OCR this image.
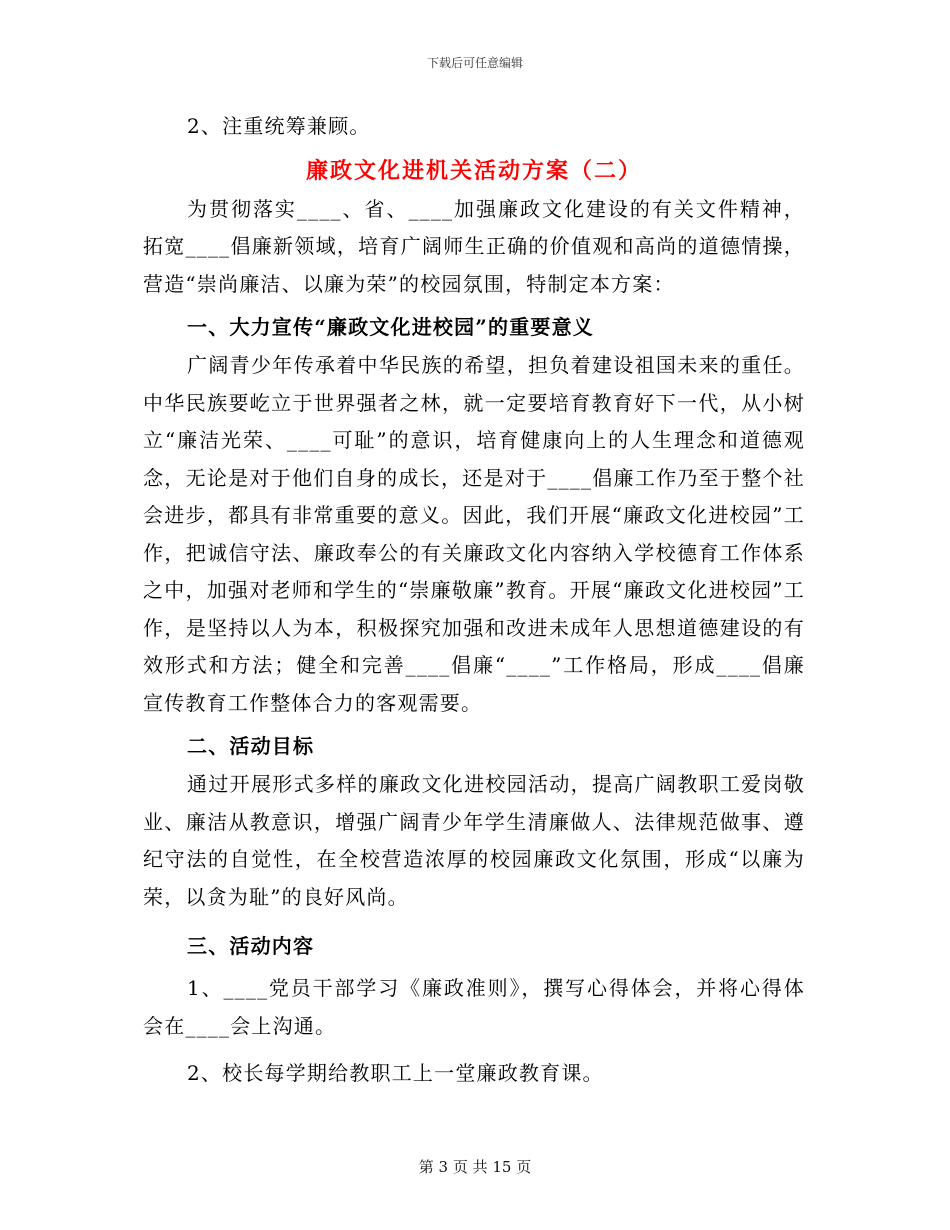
下载后可任意编辑

2、注重统筹兼顾。

廉政文化进机关活动方案（二）

为贯彻落实____、省、____加强廉政文化建设的有关文件精神，拓宽____倡廉新领域，培育广阔师生正确的价值观和高尚的道德情操，营造“崇尚廉洁、以廉为荣”的校园氛围，特制定本方案：

一、大力宣传“廉政文化进校园”的重要意义

广阔青少年传承着中华民族的希望，担负着建设祖国未来的重任。中华民族要屹立于世界强者之林，就一定要培育教育好下一代，从小树立“廉洁光荣、____可耻”的意识，培育健康向上的人生理念和道德观念，无论是对于他们自身的成长，还是对于____倡廉工作乃至于整个社会进步，都具有非常重要的意义。因此，我们开展“廉政文化进校园”工作，把诚信守法、廉政奉公的有关廉政文化内容纳入学校德育工作体系之中，加强对老师和学生的“崇廉敬廉”教育。开展“廉政文化进校园”工作，是坚持以人为本，积极探究加强和改进未成年人思想道德建设的有效形式和方法；健全和完善____倡廉“____”工作格局，形成____倡廉宣传教育工作整体合力的客观需要。

二、活动目标

通过开展形式多样的廉政文化进校园活动，提高广阔教职工爱岗敬业、廉洁从教意识，增强广阔青少年学生清廉做人、法律规范做事、遵纪守法的自觉性，在全校营造浓厚的校园廉政文化氛围，形成“以廉为荣，以贪为耻”的良好风尚。

三、活动内容

1、____党员干部学习《廉政准则》，撰写心得体会，并将心得体会在____会上沟通。

2、校长每学期给教职工上一堂廉政教育课。

第 3 页 共 15 页
